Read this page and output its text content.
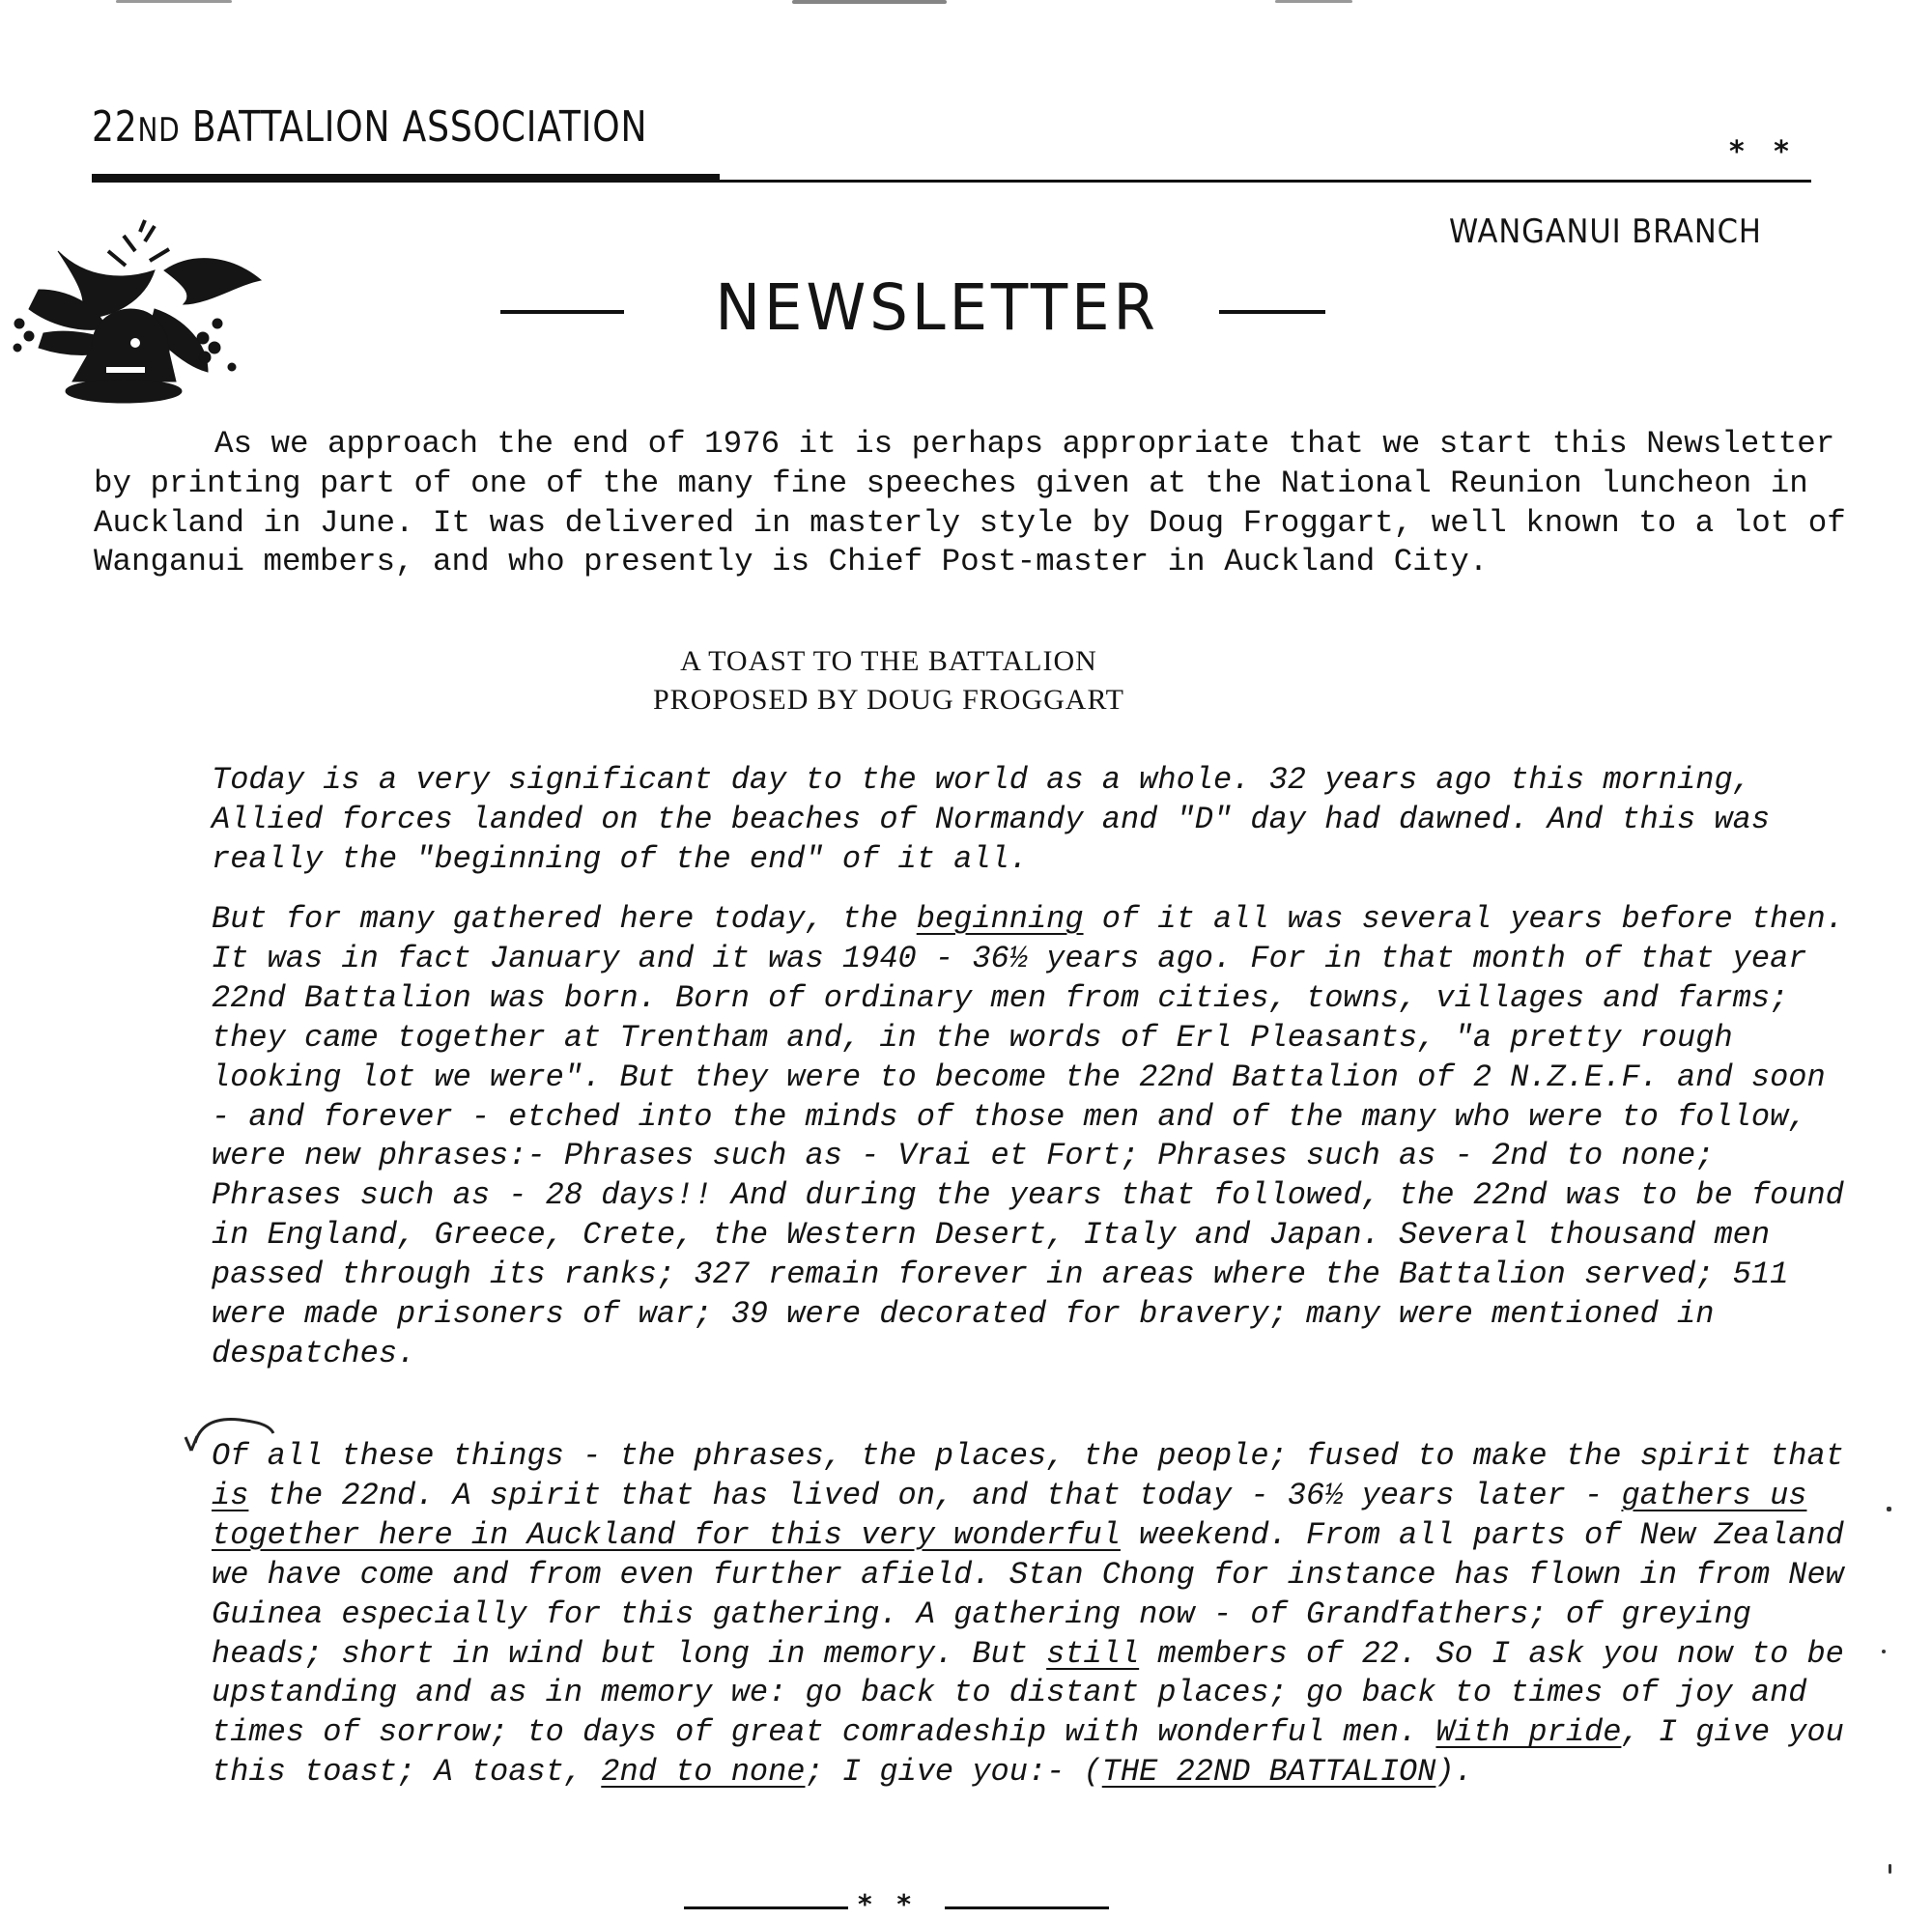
22ND BATTALION ASSOCIATION
* *
WANGANUI BRANCH
NEWSLETTER

As we approach the end of 1976 it is perhaps appropriate that we start this Newsletter by printing part of one of the many fine speeches given at the National Reunion luncheon in Auckland in June. It was delivered in masterly style by Doug Froggart, well known to a lot of Wanganui members, and who presently is Chief Post-master in Auckland City.

A TOAST TO THE BATTALION
PROPOSED BY DOUG FROGGART

Today is a very significant day to the world as a whole. 32 years ago this morning, Allied forces landed on the beaches of Normandy and "D" day had dawned. And this was really the "beginning of the end" of it all.

But for many gathered here today, the beginning of it all was several years before then. It was in fact January and it was 1940 - 36½ years ago. For in that month of that year 22nd Battalion was born. Born of ordinary men from cities, towns, villages and farms; they came together at Trentham and, in the words of Erl Pleasants, "a pretty rough looking lot we were". But they were to become the 22nd Battalion of 2 N.Z.E.F. and soon - and forever - etched into the minds of those men and of the many who were to follow, were new phrases:- Phrases such as - Vrai et Fort; Phrases such as - 2nd to none; Phrases such as - 28 days!! And during the years that followed, the 22nd was to be found in England, Greece, Crete, the Western Desert, Italy and Japan. Several thousand men passed through its ranks; 327 remain forever in areas where the Battalion served; 511 were made prisoners of war; 39 were decorated for bravery; many were mentioned in despatches.

Of all these things - the phrases, the places, the people; fused to make the spirit that is the 22nd. A spirit that has lived on, and that today - 36½ years later - gathers us together here in Auckland for this very wonderful weekend. From all parts of New Zealand we have come and from even further afield. Stan Chong for instance has flown in from New Guinea especially for this gathering. A gathering now - of Grandfathers; of greying heads; short in wind but long in memory. But still members of 22. So I ask you now to be upstanding and as in memory we: go back to distant places; go back to times of joy and times of sorrow; to days of great comradeship with wonderful men. With pride, I give you this toast; A toast, 2nd to none; I give you:- (THE 22ND BATTALION).

* *
